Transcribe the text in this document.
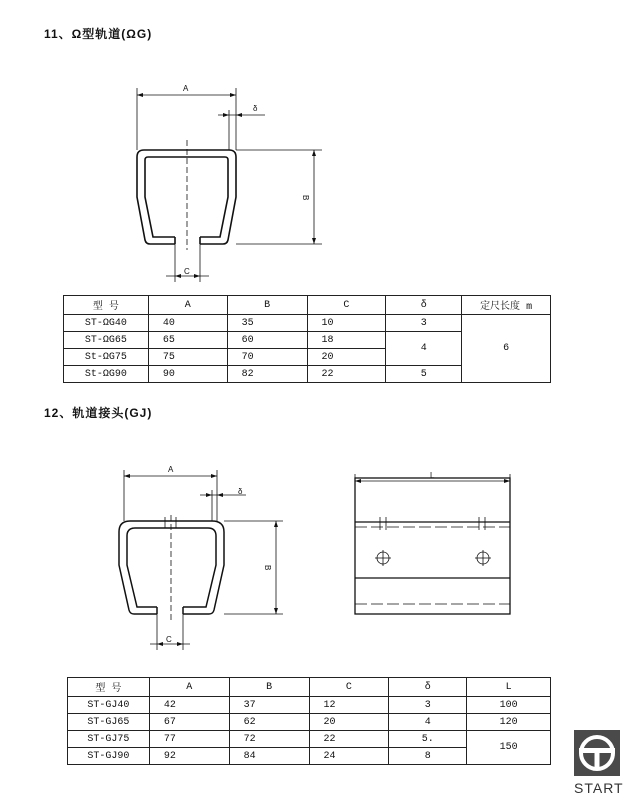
11、Ω型轨道(ΩG)
A
δ
B
C
型 号	A	B	C	δ	定尺长度 m
ST-ΩG40	40	35	10	3	6
ST-ΩG65	65	60	18	4	
St-ΩG75	75	70	20		
St-ΩG90	90	82	22	5	
12、轨道接头(GJ)
A
δ
B
C
L
型 号	A	B	C	δ	L
ST-GJ40	42	37	12	3	100
ST-GJ65	67	62	20	4	120
ST-GJ75	77	72	22	5.	150
ST-GJ90	92	84	24	8	
START
